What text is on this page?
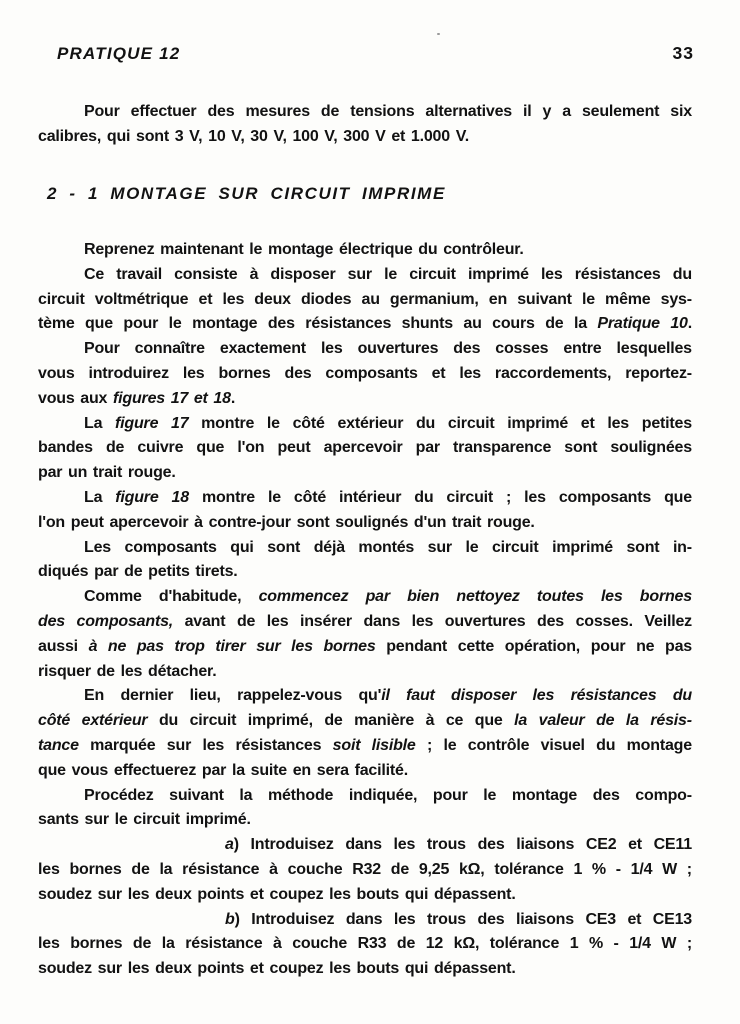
PRATIQUE 12	33
Pour effectuer des mesures de tensions alternatives il y a seulement six
calibres, qui sont 3 V, 10 V, 30 V, 100 V, 300 V et 1.000 V.
2 - 1 MONTAGE SUR CIRCUIT IMPRIME
Reprenez maintenant le montage électrique du contrôleur.
Ce travail consiste à disposer sur le circuit imprimé les résistances du
circuit voltmétrique et les deux diodes au germanium, en suivant le même sys-
tème que pour le montage des résistances shunts au cours de la Pratique 10.
Pour connaître exactement les ouvertures des cosses entre lesquelles
vous introduirez les bornes des composants et les raccordements, reportez-
vous aux figures 17 et 18.
La figure 17 montre le côté extérieur du circuit imprimé et les petites
bandes de cuivre que l'on peut apercevoir par transparence sont soulignées
par un trait rouge.
La figure 18 montre le côté intérieur du circuit ; les composants que
l'on peut apercevoir à contre-jour sont soulignés d'un trait rouge.
Les composants qui sont déjà montés sur le circuit imprimé sont in-
diqués par de petits tirets.
Comme d'habitude, commencez par bien nettoyez toutes les bornes
des composants, avant de les insérer dans les ouvertures des cosses. Veillez
aussi à ne pas trop tirer sur les bornes pendant cette opération, pour ne pas
risquer de les détacher.
En dernier lieu, rappelez-vous qu'il faut disposer les résistances du
côté extérieur du circuit imprimé, de manière à ce que la valeur de la résis-
tance marquée sur les résistances soit lisible ; le contrôle visuel du montage
que vous effectuerez par la suite en sera facilité.
Procédez suivant la méthode indiquée, pour le montage des compo-
sants sur le circuit imprimé.
a) Introduisez dans les trous des liaisons CE2 et CE11
les bornes de la résistance à couche R32 de 9,25 kΩ, tolérance 1 % - 1/4 W ;
soudez sur les deux points et coupez les bouts qui dépassent.
b) Introduisez dans les trous des liaisons CE3 et CE13
les bornes de la résistance à couche R33 de 12 kΩ, tolérance 1 % - 1/4 W ;
soudez sur les deux points et coupez les bouts qui dépassent.
